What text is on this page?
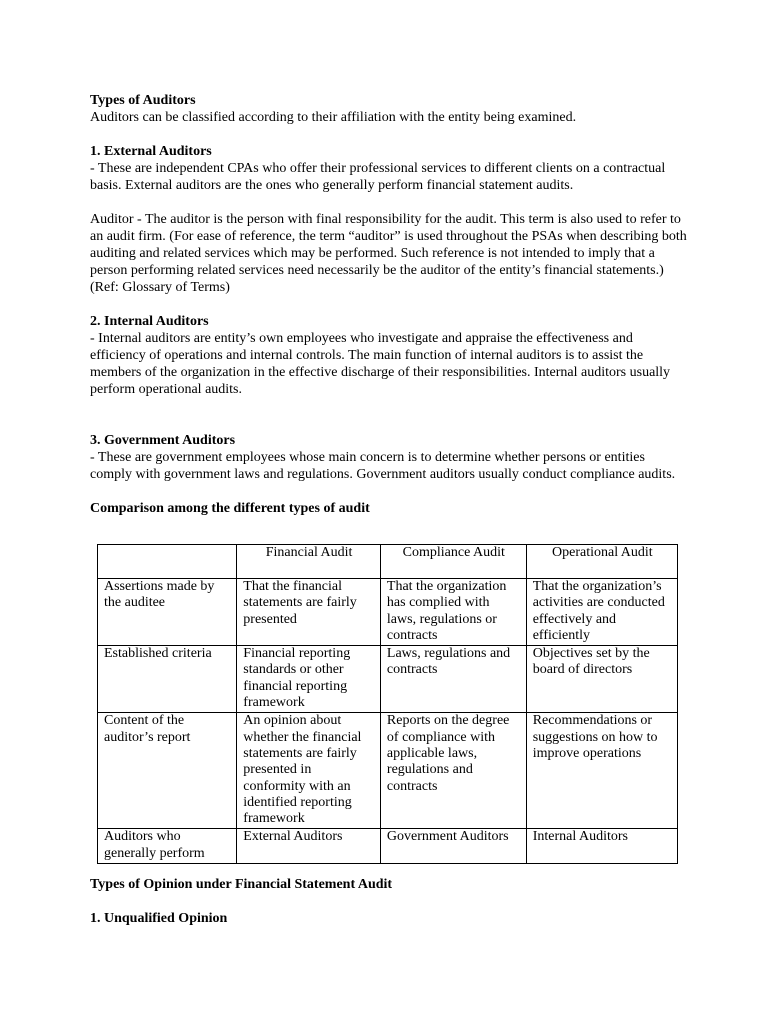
Types of Auditors

Auditors can be classified according to their affiliation with the entity being examined.

1. External Auditors

- These are independent CPAs who offer their professional services to different clients on a contractual basis. External auditors are the ones who generally perform financial statement audits.

Auditor - The auditor is the person with final responsibility for the audit. This term is also used to refer to an audit firm. (For ease of reference, the term “auditor” is used throughout the PSAs when describing both auditing and related services which may be performed. Such reference is not intended to imply that a person performing related services need necessarily be the auditor of the entity’s financial statements.) (Ref: Glossary of Terms)

2. Internal Auditors

- Internal auditors are entity’s own employees who investigate and appraise the effectiveness and efficiency of operations and internal controls. The main function of internal auditors is to assist the members of the organization in the effective discharge of their responsibilities. Internal auditors usually perform operational audits.

3. Government Auditors

- These are government employees whose main concern is to determine whether persons or entities comply with government laws and regulations. Government auditors usually conduct compliance audits.

Comparison among the different types of audit
	Financial Audit	Compliance Audit	Operational Audit
Assertions made by the auditee	That the financial statements are fairly presented	That the organization has complied with laws, regulations or contracts	That the organization’s activities are conducted effectively and efficiently
Established criteria	Financial reporting standards or other financial reporting framework	Laws, regulations and contracts	Objectives set by the board of directors
Content of the auditor’s report	An opinion about whether the financial statements are fairly presented in conformity with an identified reporting framework	Reports on the degree of compliance with applicable laws, regulations and contracts	Recommendations or suggestions on how to improve operations
Auditors who generally perform	External Auditors	Government Auditors	Internal Auditors
Types of Opinion under Financial Statement Audit
1. Unqualified Opinion
